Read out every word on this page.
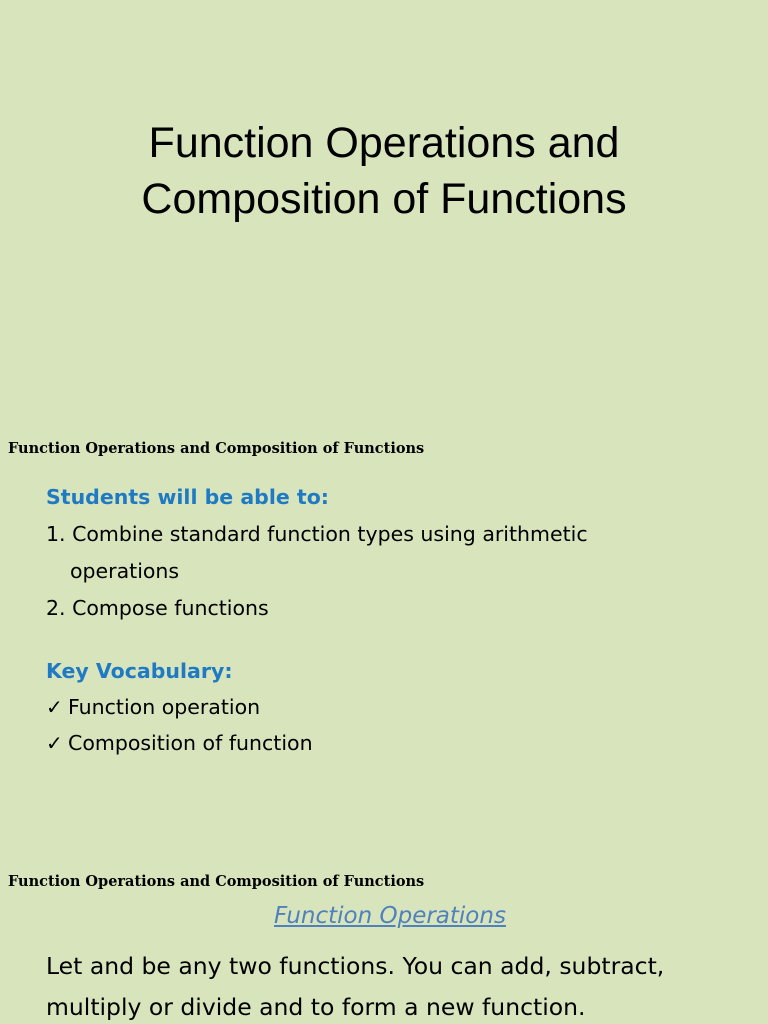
Function Operations and
Composition of Functions
Function Operations and Composition of Functions
Students will be able to:
1. Combine standard function types using arithmetic
operations
2. Compose functions
Key Vocabulary:
✓ Function operation
✓ Composition of function
Function Operations and Composition of Functions
Function Operations
Let and be any two functions. You can add, subtract,
multiply or divide and to form a new function.
